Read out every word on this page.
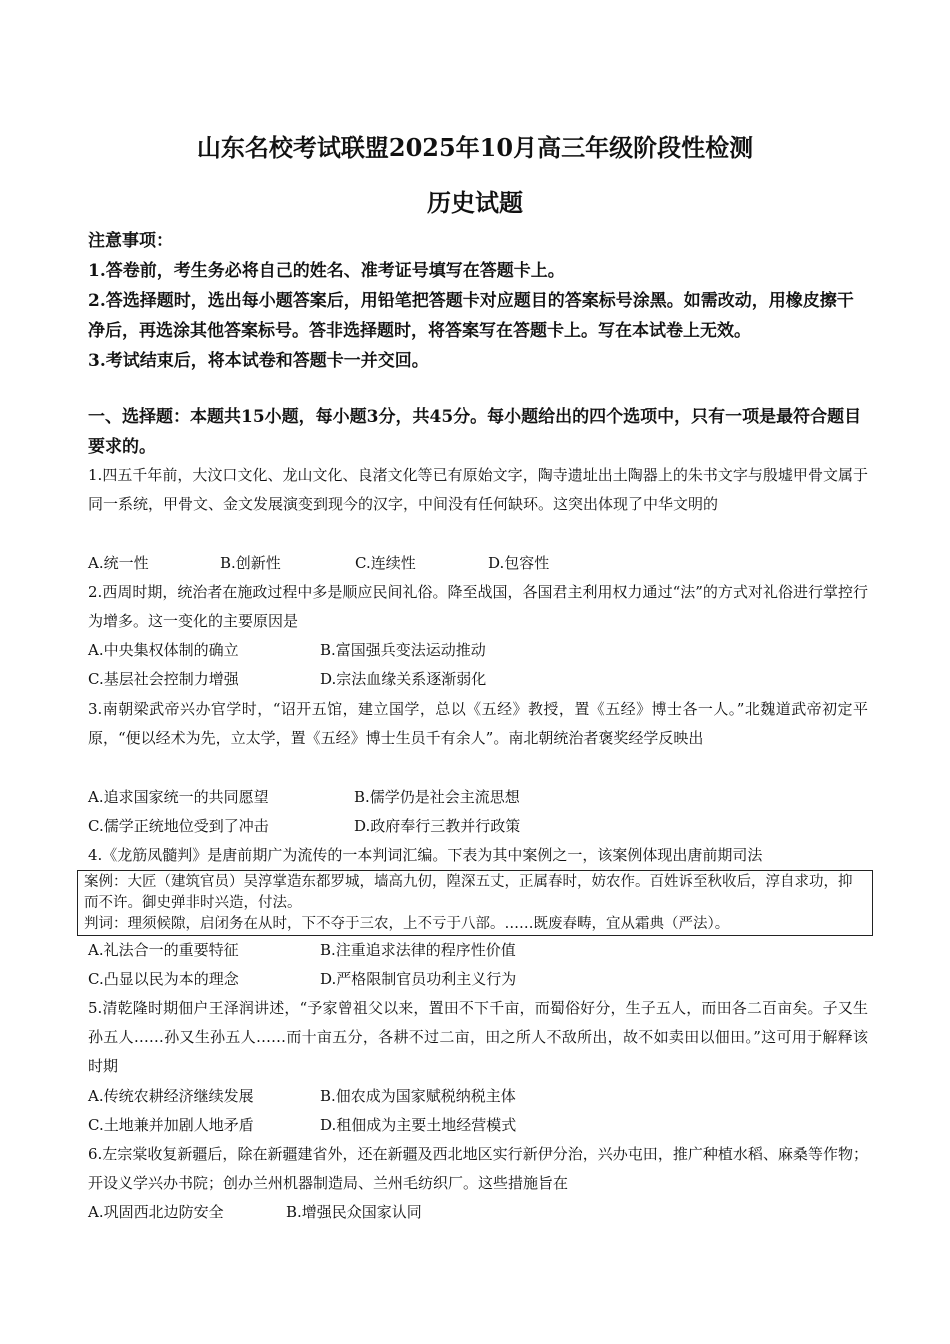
山东名校考试联盟2025年10月高三年级阶段性检测
历史试题
注意事项：
1.答卷前，考生务必将自己的姓名、准考证号填写在答题卡上。
2.答选择题时，选出每小题答案后，用铅笔把答题卡对应题目的答案标号涂黑。如需改动，用橡皮擦干净后，再选涂其他答案标号。答非选择题时，将答案写在答题卡上。写在本试卷上无效。
3.考试结束后，将本试卷和答题卡一并交回。
一、选择题：本题共15小题，每小题3分，共45分。每小题给出的四个选项中，只有一项是最符合题目要求的。

1.四五千年前，大汶口文化、龙山文化、良渚文化等已有原始文字，陶寺遗址出土陶器上的朱书文字与殷墟甲骨文属于同一系统，甲骨文、金文发展演变到现今的汉字，中间没有任何缺环。这突出体现了中华文明的

A.统一性	B.创新性	C.连续性	D.包容性

2.西周时期，统治者在施政过程中多是顺应民间礼俗。降至战国，各国君主利用权力通过“法”的方式对礼俗进行掌控行为增多。这一变化的主要原因是

A.中央集权体制的确立	B.富国强兵变法运动推动
C.基层社会控制力增强	D.宗法血缘关系逐渐弱化

3.南朝梁武帝兴办官学时，“诏开五馆，建立国学，总以《五经》教授，置《五经》博士各一人。”北魏道武帝初定平原，“便以经术为先，立太学，置《五经》博士生员千有余人”。南北朝统治者褒奖经学反映出

A.追求国家统一的共同愿望	B.儒学仍是社会主流思想
C.儒学正统地位受到了冲击	D.政府奉行三教并行政策

4.《龙筋凤髓判》是唐前期广为流传的一本判词汇编。下表为其中案例之一，该案例体现出唐前期司法

案例：大匠（建筑官员）吴淳掌造东都罗城，墙高九仞，隍深五丈，正属春时，妨农作。百姓诉至秋收后，淳自求功，抑而不许。御史弹非时兴造，付法。

判词：理须候隙，启闭务在从时，下不夺于三农，上不亏于八部。……既废春畴，宜从霜典（严法）。

A.礼法合一的重要特征	B.注重追求法律的程序性价值
C.凸显以民为本的理念	D.严格限制官员功利主义行为

5.清乾隆时期佃户王泽润讲述，“予家曾祖父以来，置田不下千亩，而蜀俗好分，生子五人，而田各二百亩矣。子又生孙五人……孙又生孙五人……而十亩五分，各耕不过二亩，田之所人不敌所出，故不如卖田以佃田。”这可用于解释该时期

A.传统农耕经济继续发展	B.佃农成为国家赋税纳税主体
C.土地兼并加剧人地矛盾	D.租佃成为主要土地经营模式

6.左宗棠收复新疆后，除在新疆建省外，还在新疆及西北地区实行新伊分治，兴办屯田，推广种植水稻、麻桑等作物；开设义学兴办书院；创办兰州机器制造局、兰州毛纺织厂。这些措施旨在

A.巩固西北边防安全	B.增强民众国家认同
